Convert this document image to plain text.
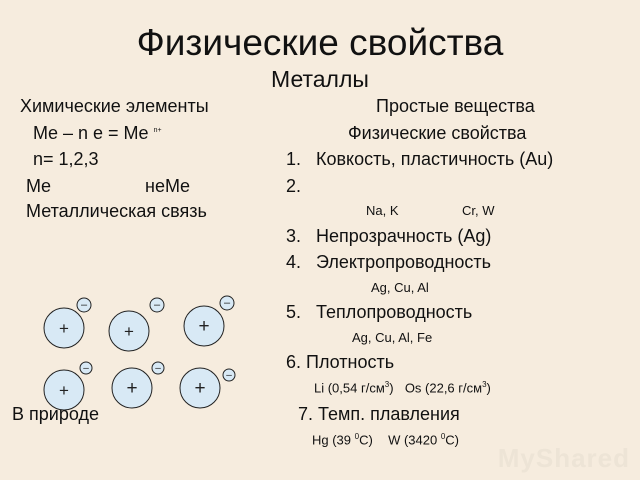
Физические свойства
Металлы
Химические элементы
Me – n e = Me $^{n+}$
n= 1,2,3
Me	неMe
Металлическая связь
+	+	+
–	–	–
+	+	+
–	–
–
В природе
Простые вещества
Физические свойства
1. Ковкость, пластичность (Au)
2.
Na, K	Cr, W
3. Непрозрачность (Ag)
4. Электропроводность
Ag, Cu, Al
5. Теплопроводность
Ag, Cu, Al, Fe
6. Плотность
Li (0,54 $г/см^3$) Os (22,6 $г/см^3$)
7. Темп. плавления
Hg (39 $^0$C) W (3420 $^0$C)
MyShared
